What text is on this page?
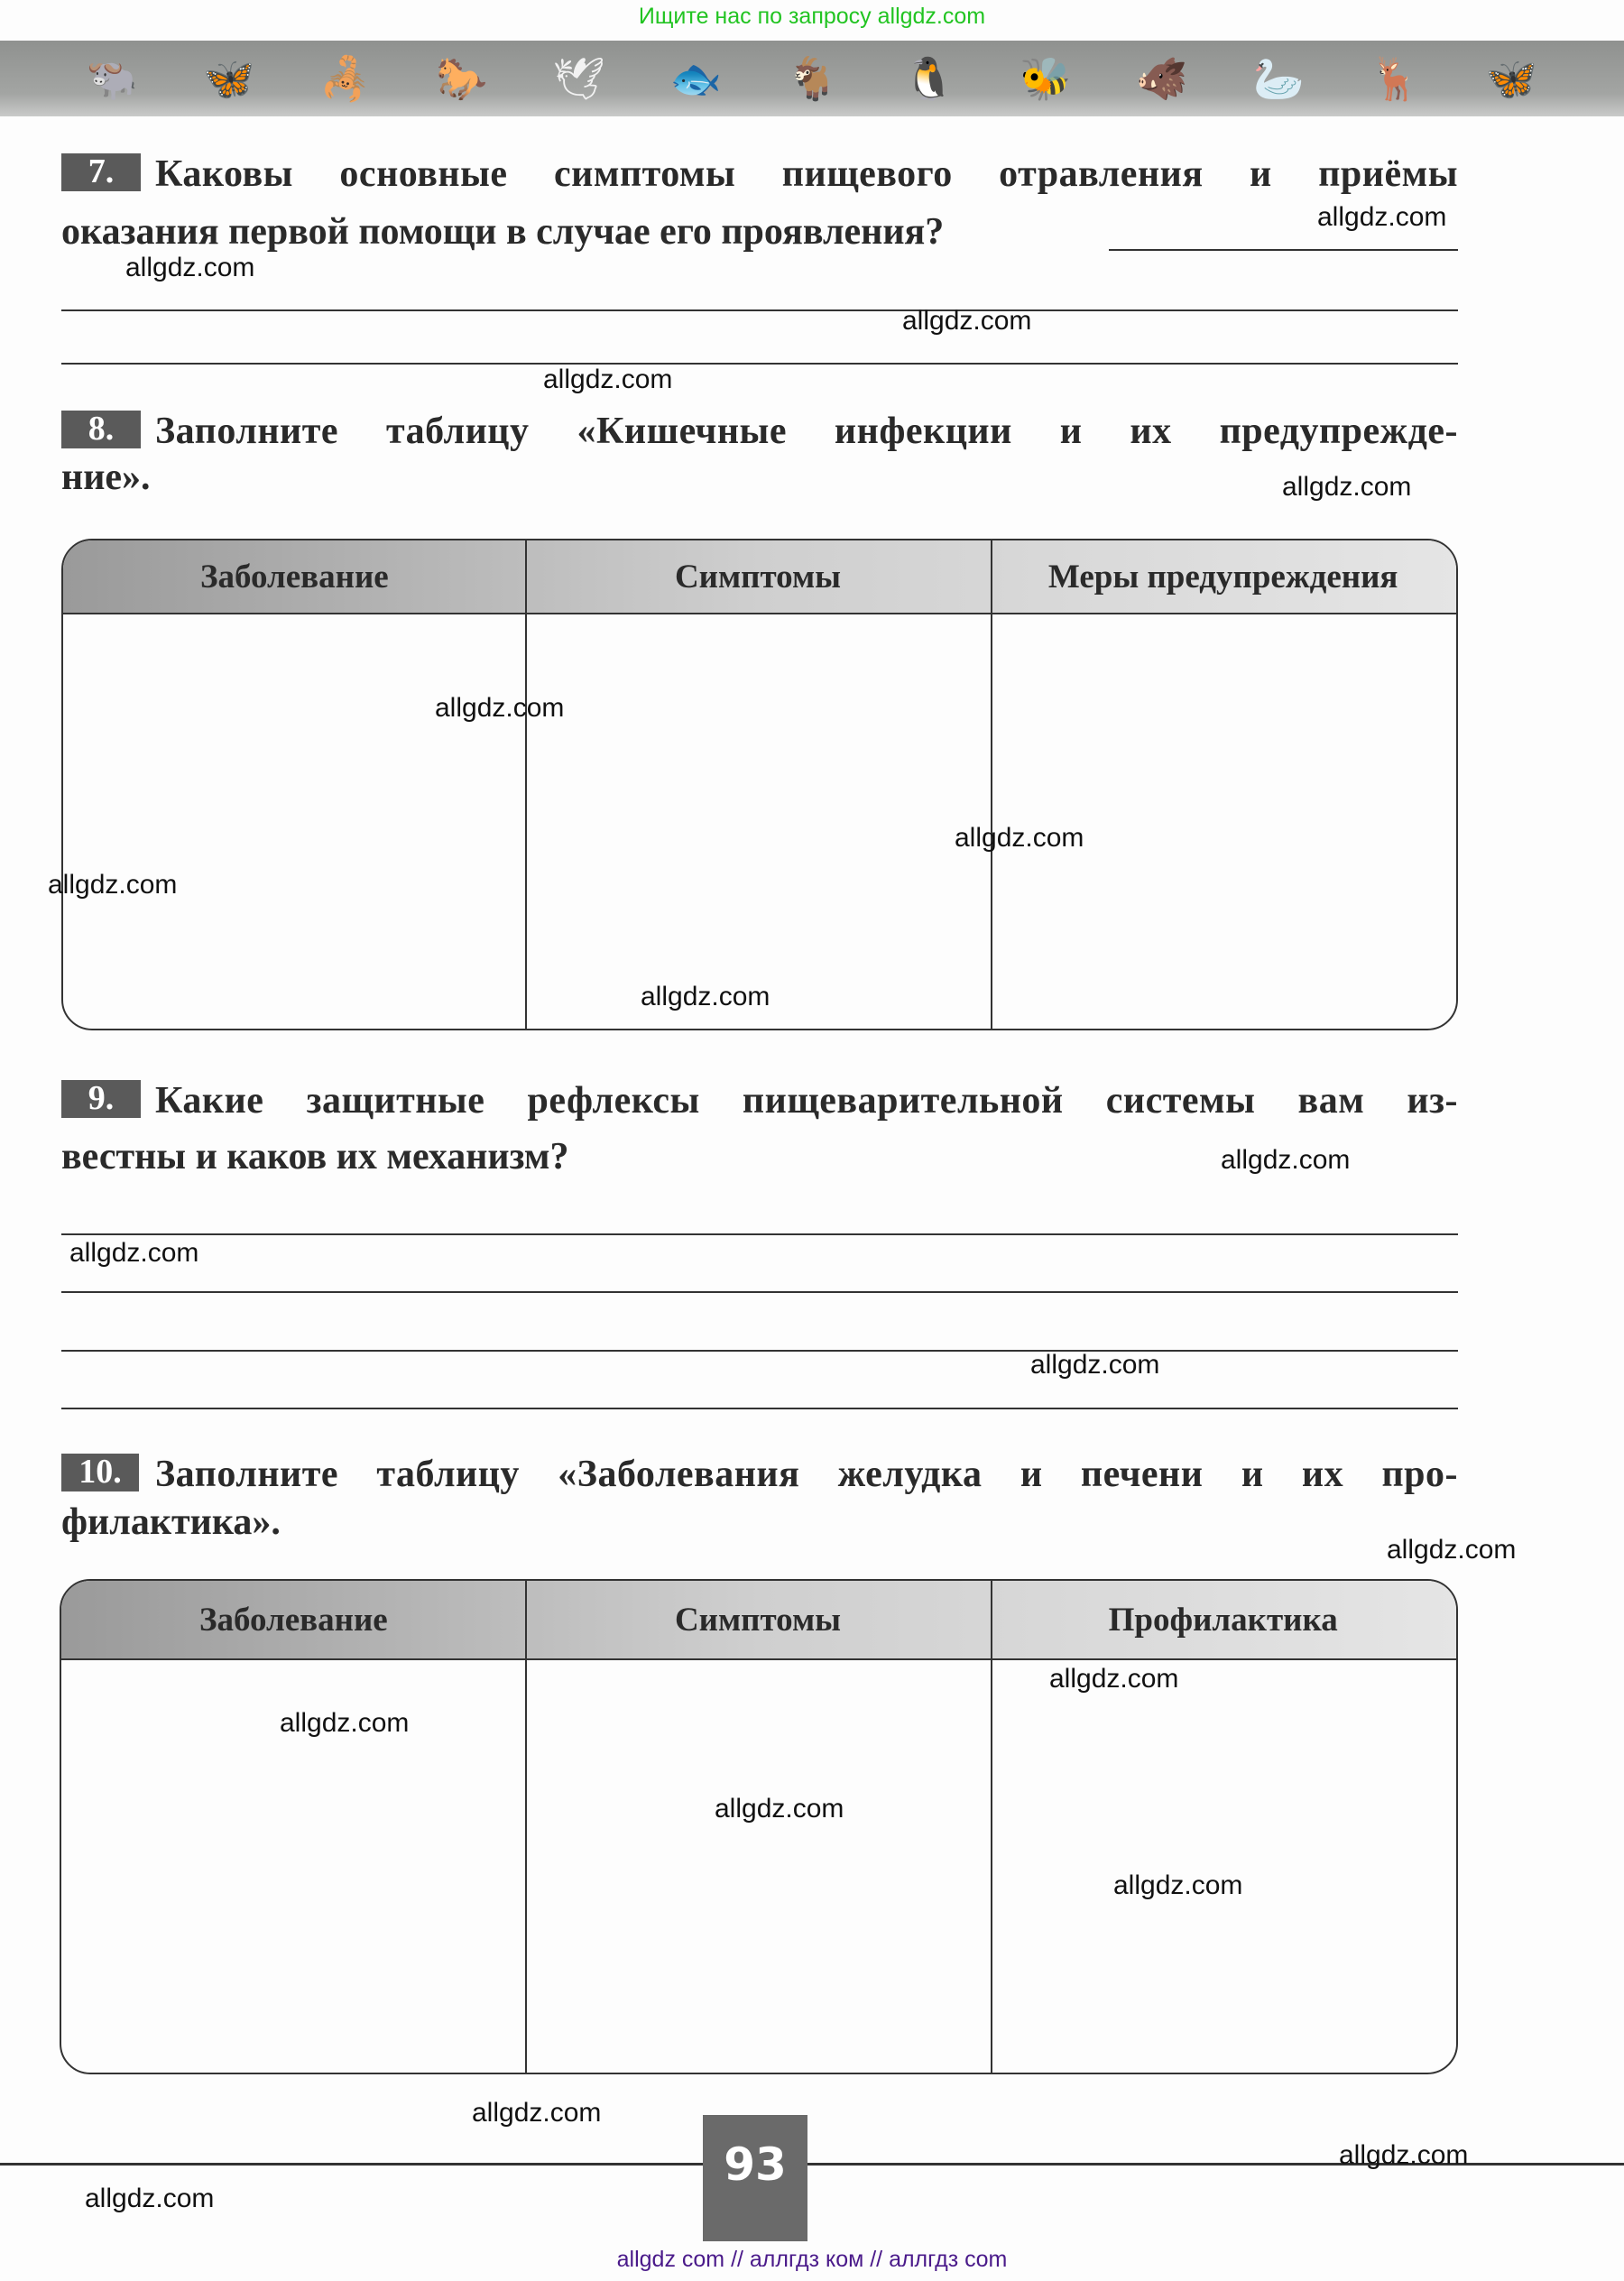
Ищите нас по запросу allgdz.com
🐃 🦋 🦂 🐎 🕊 🐟 🐐 🐧 🐝 🐗 🦢 🦌 🦋
7.	Каковы основные симптомы пищевого отравления и приёмы
оказания первой помощи в случае его проявления?
8.	Заполните таблицу «Кишечные инфекции и их предупрежде-
ние».
Заболевание	Симптомы	Меры предупреждения
9.	Какие защитные рефлексы пищеварительной системы вам из-
вестны и каков их механизм?
10. Заполните таблицу «Заболевания желудка и печени и их про-
филактика».
Заболевание	Симптомы	Профилактика
93
allgdz com // аллгдз ком // аллгдз com
allgdz.com
allgdz.com
allgdz.com
allgdz.com
allgdz.com
allgdz.com
allgdz.com
allgdz.com
allgdz.com
allgdz.com
allgdz.com
allgdz.com
allgdz.com
allgdz.com
allgdz.com
allgdz.com
allgdz.com
allgdz.com
allgdz.com
allgdz.com
